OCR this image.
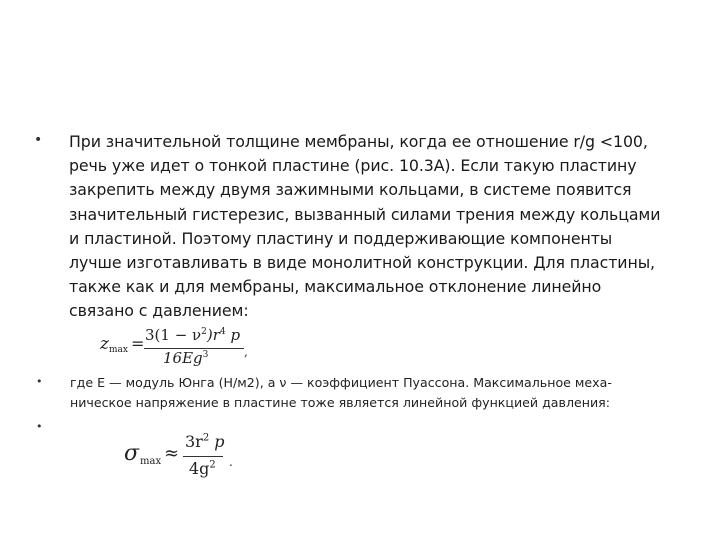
• При значительной толщине мембраны, когда ее отношение r/g <100,
речь уже идет о тонкой пластине (рис. 10.3А). Если такую пластину
закрепить между двумя зажимными кольцами, в системе появится
значительный гистерезис, вызванный силами трения между кольцами
и пластиной. Поэтому пластину и поддерживающие компоненты
лучше изготавливать в виде монолитной конструкции. Для пластины,
также как и для мембраны, максимальное отклонение линейно
связано с давлением:
z $\max = 3(1 - \nu^2)r^4$ p
16Eg$^3$	,
• где E — модуль Юнга (Н/м2), а ν — коэффициент Пуассона. Максимальное меха-
ническое напряжение в пластине тоже является линейной функцией давления:
•
σ max ≈
$3r^2$ p
$4g^2$ .
